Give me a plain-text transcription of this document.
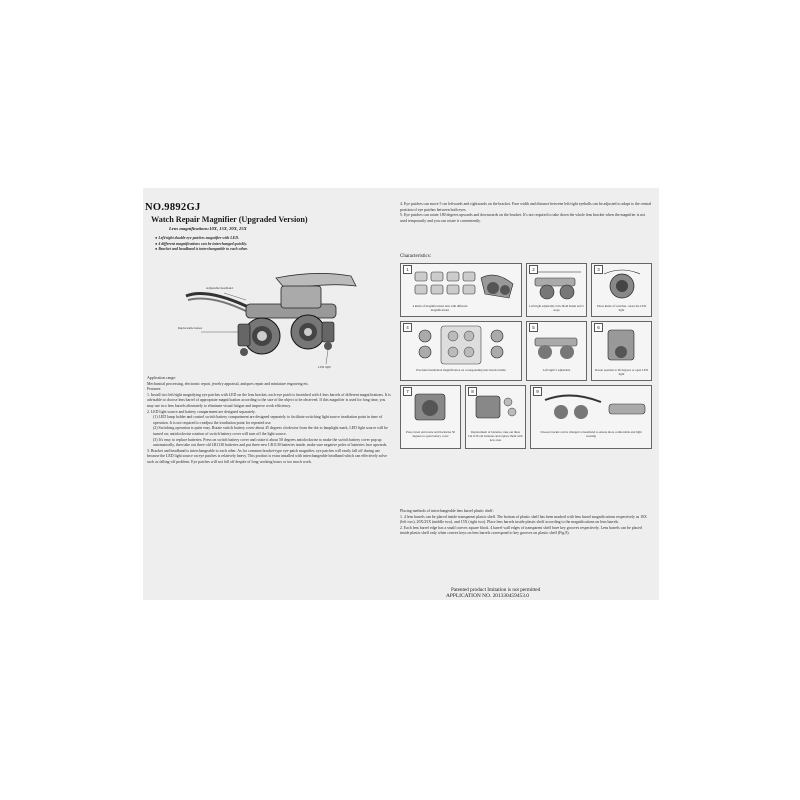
NO.9892GJ
Watch Repair Magnifier (Upgraded Version)
Lens magnifications:10X, 15X, 20X, 25X
● Left/right double eye patches magnifier with LED.
● 4 different magnifications can be interchanged quickly.
● Bracket and headband is interchangeable to each other.
Adjustable headband
Replaceable lenses
LED light

Application range:

Mechanical processing, electronic repair, jewelry appraisal, antiques repair and miniature engraving etc.

Features:

1. Install two left/right magnifying eye patches with LED on the lens bracket, each eye patch is furnished with 4 lens barrels of different magnifications. It is advisable to choose lens barrel of appropriate magnification according to the size of the object to be observed. If this magnifier is used for long time, you may use two lens barrels alternately to eliminate visual fatigue and improve work efficiency.

2. LED light source and battery compartment are designed separately.

(1) LED lamp holder and control switch battery compartment are designed separately to facilitate switching light source irradiation point in time of operation. It is not required to readjust the irradiation point for repeated use.

(2) Switching operation is quite easy. Rotate switch battery cover about 45 degrees clockwise from the dot to lamplight mark, LED light source will be turned on; anticlockwise rotation of switch battery cover will turn off the light source.

(3) It's easy to replace batteries. Press on switch battery cover and rotate it about 50 degrees anticlockwise to make the switch battery cover pop up automatically, then take out three old LR1130 batteries and put three new LR1130 batteries inside, make sure negative poles of batteries face upwards.

3. Bracket and headband is interchangeable to each other. As for common bracket-type eye-patch magnifier, eye patches will easily fall off during use because the LED light source on eye patches is relatively heavy. This product is extra installed with interchangeable headband which can effectively solve such as falling-off problem. Eye patches will not fall off despite of long working hours or too much work.

4. Eye patches can move 5 cm leftwards and rightwards on the bracket. Face width and distance between left/right eyeballs can be adjusted to adapt to the central position of eye patches between both eyes.

5. Eye patches can rotate 180 degrees upwards and downwards on the bracket. It's not required to take down the whole lens bracket when the magnifier is not used temporarily and you can rotate it conveniently.

Characteristics:
1
4 kinds of magnifications lens with different magnifications
2
Left/right adjustable 5cm, Both hands and 5 stops
3
Three kinds of switches, rotate the LED light
4
Precision installation magnification on corresponding lens barrels inside
5
Left/right 5 adjustable
6
Rotate position to 90 degrees or open LED light
7
Press down and rotate anticlockwise 50 degrees to open battery cover
8
Replacement of batteries, take out three LR1130 old batteries and replace them with new ones
9
Choose bracket can be changed to headband to ensure more comfortable and light wearing

Placing methods of interchangeable lens barrel plastic shelf:

1. 4 lens barrels can be placed inside transparent plastic shelf. The bottom of plastic shelf has been marked with lens barrel magnifications respectively as 10X (left two), 20X/25X (middle two), and 15X (right two). Place lens barrels inside plastic shelf according to the magnifications on lens barrels.

2. Each lens barrel edge has a small convex square block. 4 barrel wall edges of transparent shelf have key grooves respectively. Lens barrels can be placed inside plastic shelf only when convex keys on lens barrels correspond to key grooves on plastic shelf (Fig.8).

Patented product Imitation is not permitted
APPLICATION NO. 201330459453.0
